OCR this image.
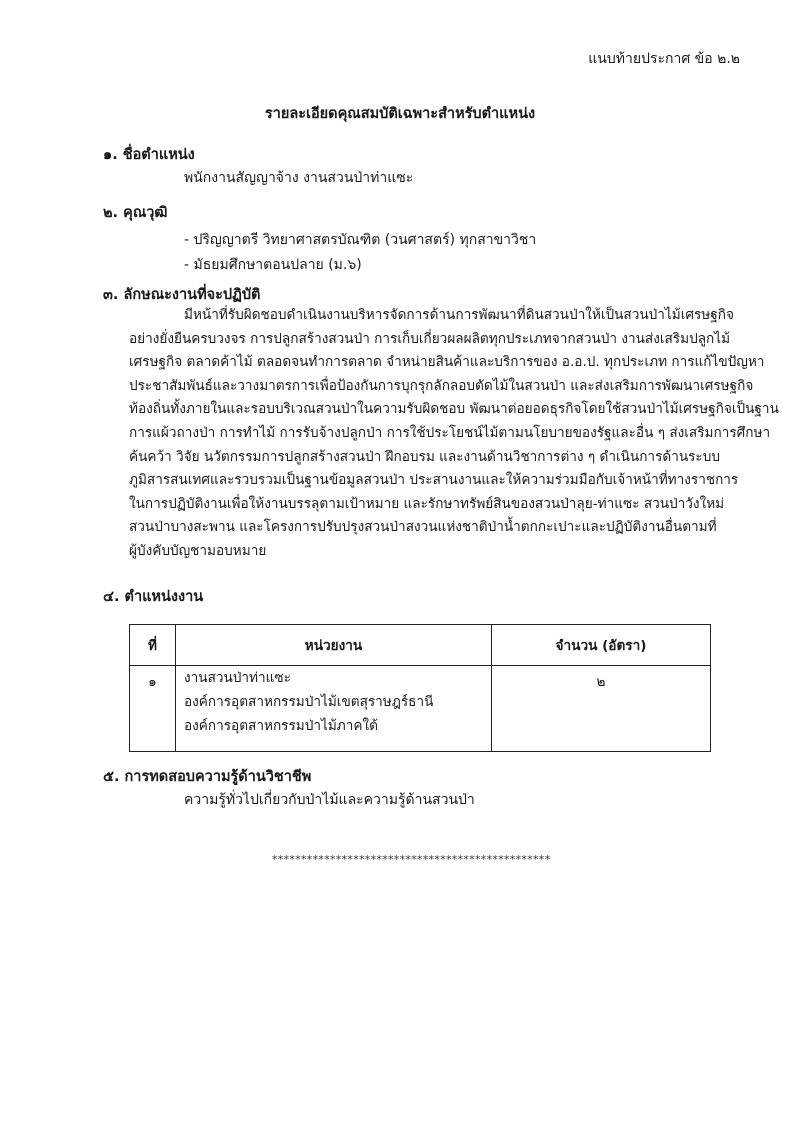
แนบท้ายประกาศ ข้อ ๒.๒
รายละเอียดคุณสมบัติเฉพาะสำหรับตำแหน่ง
๑. ชื่อตำแหน่ง
พนักงานสัญญาจ้าง งานสวนป่าท่าแซะ
๒. คุณวุฒิ
- ปริญญาตรี วิทยาศาสตรบัณฑิต (วนศาสตร์) ทุกสาขาวิชา
- มัธยมศึกษาตอนปลาย (ม.๖)
๓. ลักษณะงานที่จะปฏิบัติ
มีหน้าที่รับผิดชอบดำเนินงานบริหารจัดการด้านการพัฒนาที่ดินสวนป่าให้เป็นสวนป่าไม้เศรษฐกิจ
อย่างยั่งยืนครบวงจร การปลูกสร้างสวนป่า การเก็บเกี่ยวผลผลิตทุกประเภทจากสวนป่า งานส่งเสริมปลูกไม้
เศรษฐกิจ ตลาดค้าไม้ ตลอดจนทำการตลาด จำหน่ายสินค้าและบริการของ อ.อ.ป. ทุกประเภท การแก้ไขปัญหา
ประชาสัมพันธ์และวางมาตรการเพื่อป้องกันการบุกรุกลักลอบตัดไม้ในสวนป่า และส่งเสริมการพัฒนาเศรษฐกิจ
ท้องถิ่นทั้งภายในและรอบบริเวณสวนป่าในความรับผิดชอบ พัฒนาต่อยอดธุรกิจโดยใช้สวนป่าไม้เศรษฐกิจเป็นฐาน
การแผ้วถางป่า การทำไม้ การรับจ้างปลูกป่า การใช้ประโยชน์ไม้ตามนโยบายของรัฐและอื่น ๆ ส่งเสริมการศึกษา
ค้นคว้า วิจัย นวัตกรรมการปลูกสร้างสวนป่า ฝึกอบรม และงานด้านวิชาการต่าง ๆ ดำเนินการด้านระบบ
ภูมิสารสนเทศและรวบรวมเป็นฐานข้อมูลสวนป่า ประสานงานและให้ความร่วมมือกับเจ้าหน้าที่ทางราชการ
ในการปฏิบัติงานเพื่อให้งานบรรลุตามเป้าหมาย และรักษาทรัพย์สินของสวนป่าลุย-ท่าแซะ สวนป่าวังใหม่
สวนป่าบางสะพาน และโครงการปรับปรุงสวนป่าสงวนแห่งชาติป่าน้ำตกกะเปาะและปฏิบัติงานอื่นตามที่
ผู้บังคับบัญชามอบหมาย
๔. ตำแหน่งงาน
ที่	หน่วยงาน	จำนวน (อัตรา)
๑	งานสวนป่าท่าแซะ
องค์การอุตสาหกรรมป่าไม้เขตสุราษฎร์ธานี
องค์การอุตสาหกรรมป่าไม้ภาคใต้	๒
๕. การทดสอบความรู้ด้านวิชาชีพ
ความรู้ทั่วไปเกี่ยวกับป่าไม้และความรู้ด้านสวนป่า
************************************************
